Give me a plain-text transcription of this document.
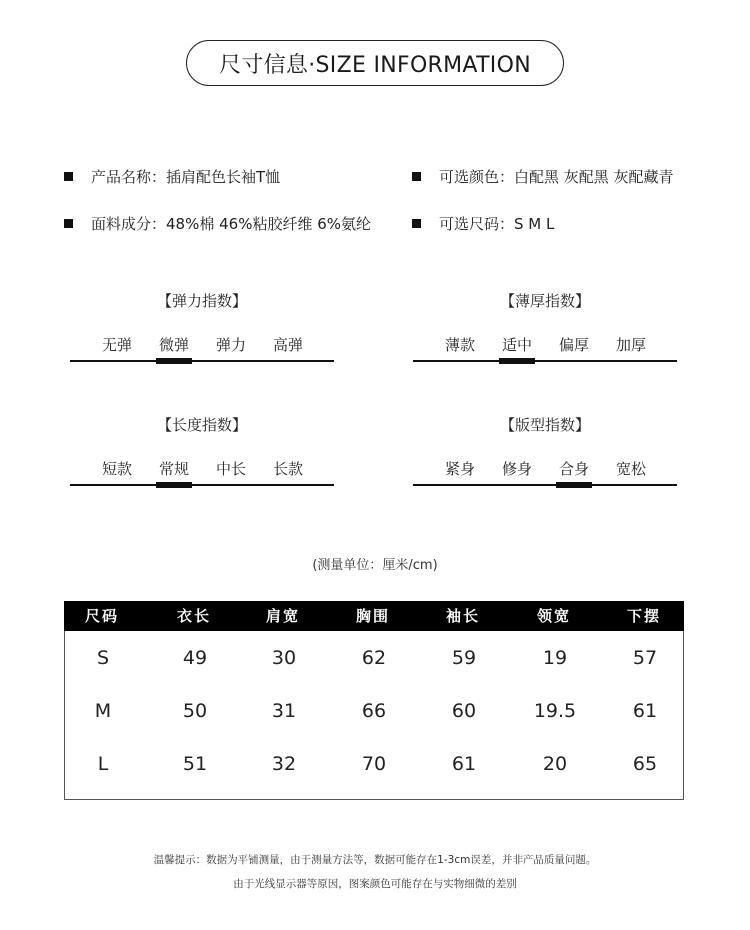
尺寸信息·SIZE INFORMATION
产品名称：插肩配色长袖T恤	可选颜色：白配黑 灰配黑 灰配藏青
面料成分：48%棉 46%粘胶纤维 6%氨纶	可选尺码：S M L
【弹力指数】
无弹	微弹	弹力	高弹
【薄厚指数】
薄款	适中	偏厚	加厚
【长度指数】
短款	常规	中长	长款
【版型指数】
紧身	修身	合身	宽松
(测量单位：厘米/cm)
尺码	衣长	肩宽	胸围	袖长	领宽	下摆
S	49	30	62	59	19	57
M	50	31	66	60	19.5	61
L	51	32	70	61	20	65
温馨提示：数据为平铺测量，由于测量方法等，数据可能存在1-3cm误差，并非产品质量问题。
由于光线显示器等原因，图案颜色可能存在与实物细微的差别
